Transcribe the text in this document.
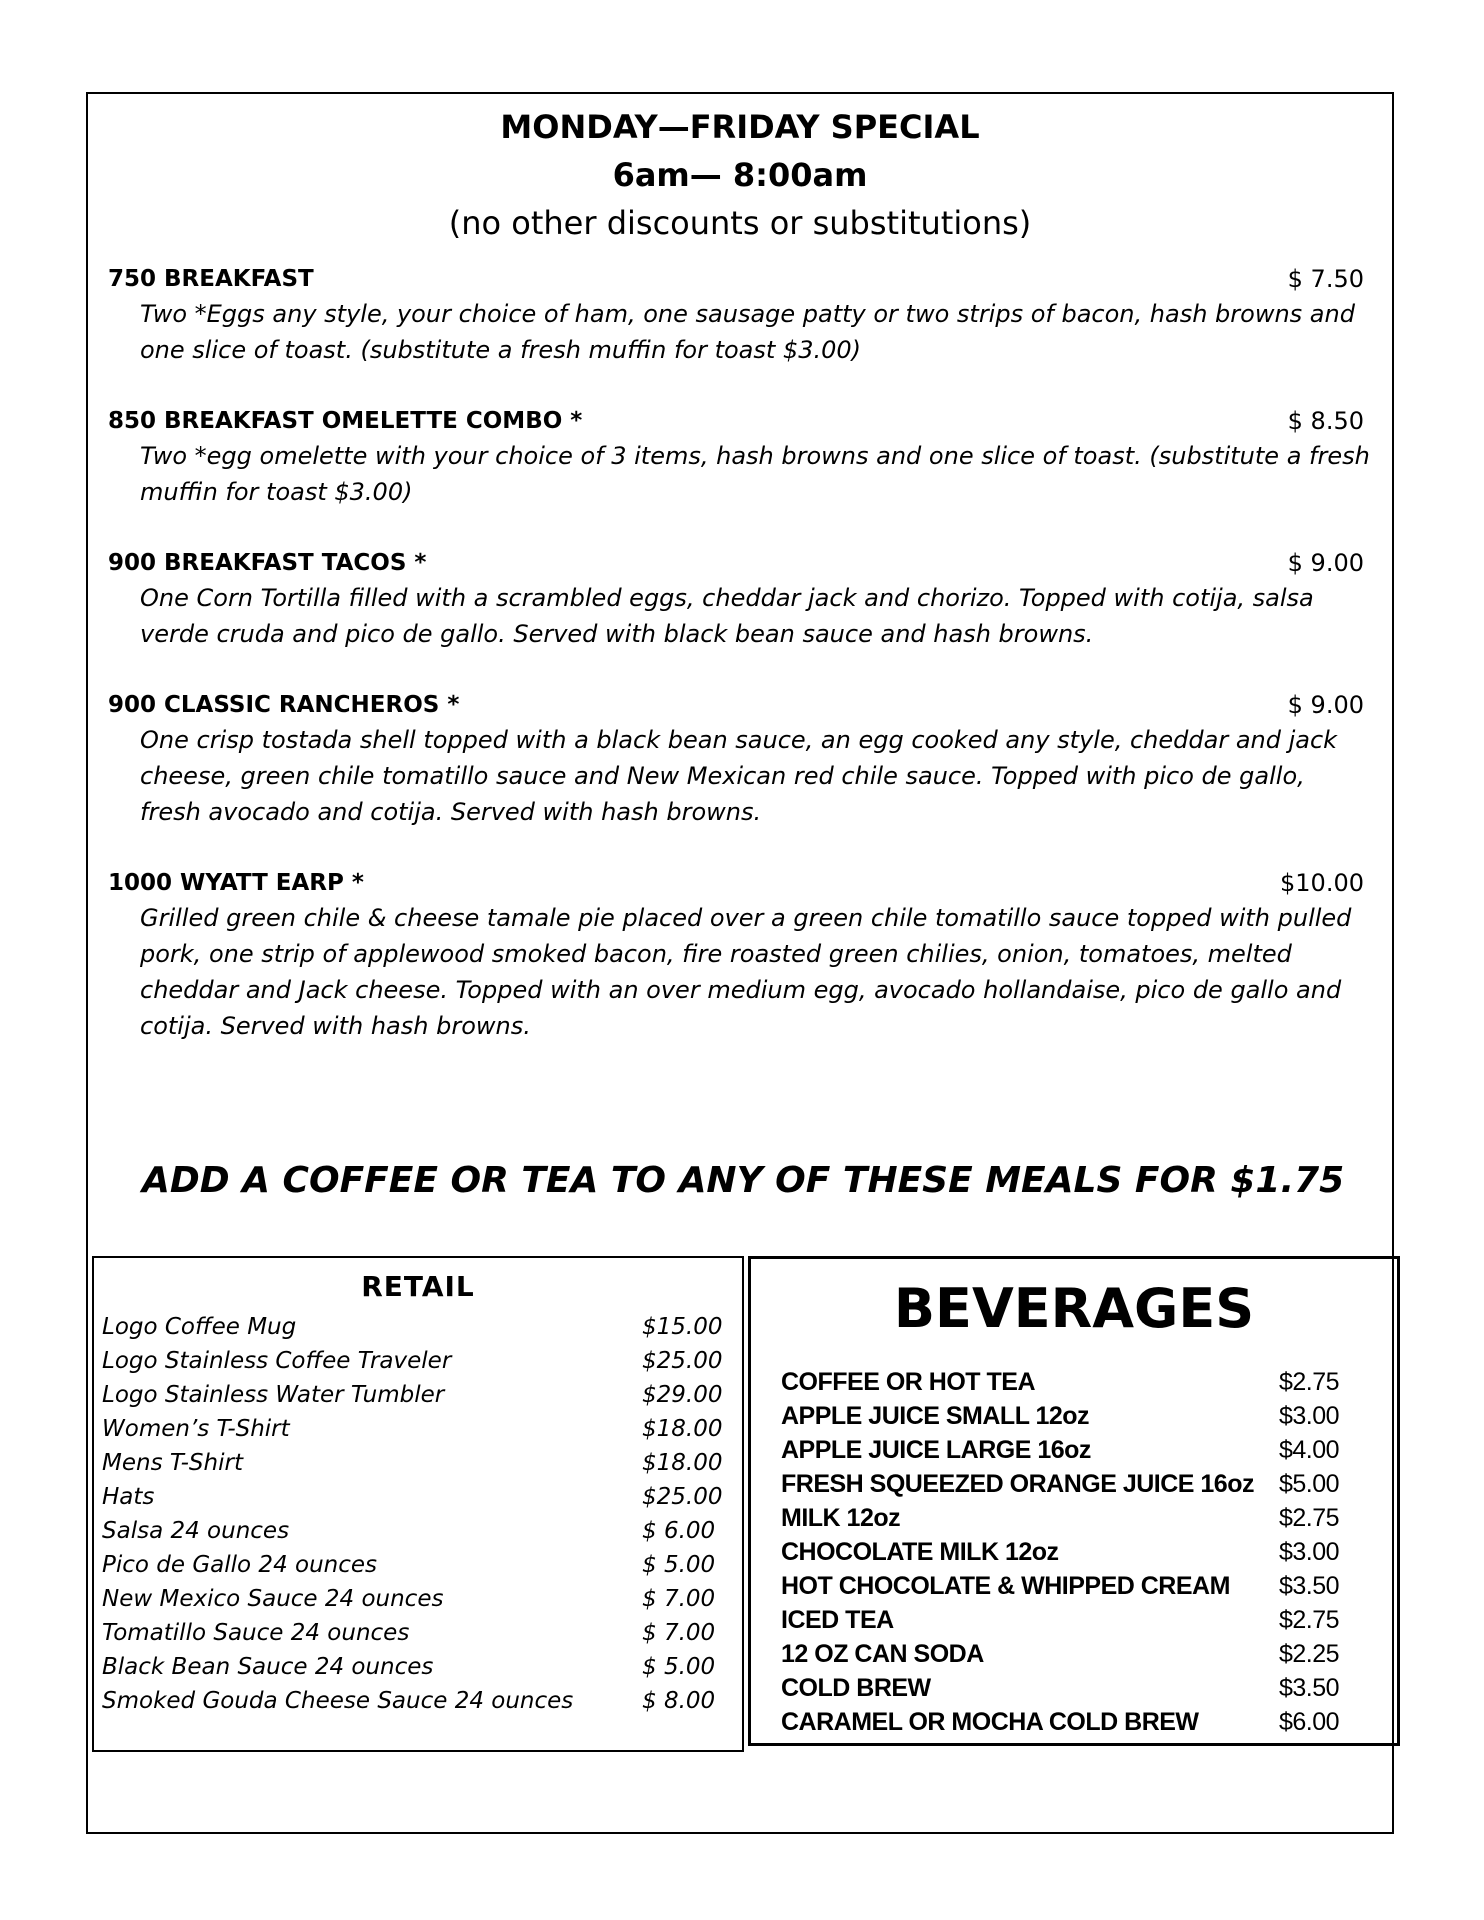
MONDAY—FRIDAY SPECIAL
6am— 8:00am
(no other discounts or substitutions)
750 BREAKFAST	$ 7.50
Two *Eggs any style, your choice of ham, one sausage patty or two strips of bacon, hash browns and one slice of toast. (substitute a fresh muffin for toast $3.00)
850 BREAKFAST OMELETTE COMBO *	$ 8.50
Two *egg omelette with your choice of 3 items, hash browns and one slice of toast. (substitute a fresh muffin for toast $3.00)
900 BREAKFAST TACOS *	$ 9.00
One Corn Tortilla filled with a scrambled eggs, cheddar jack and chorizo. Topped with cotija, salsa verde cruda and pico de gallo. Served with black bean sauce and hash browns.
900 CLASSIC RANCHEROS *	$ 9.00
One crisp tostada shell topped with a black bean sauce, an egg cooked any style, cheddar and jack cheese, green chile tomatillo sauce and New Mexican red chile sauce. Topped with pico de gallo, fresh avocado and cotija. Served with hash browns.
1000 WYATT EARP *	$10.00
Grilled green chile & cheese tamale pie placed over a green chile tomatillo sauce topped with pulled pork, one strip of applewood smoked bacon, fire roasted green chilies, onion, tomatoes, melted cheddar and Jack cheese. Topped with an over medium egg, avocado hollandaise, pico de gallo and cotija. Served with hash browns.
ADD A COFFEE OR TEA TO ANY OF THESE MEALS FOR $1.75
RETAIL
Logo Coffee Mug	$15.00
Logo Stainless Coffee Traveler	$25.00
Logo Stainless Water Tumbler	$29.00
Women’s T-Shirt	$18.00
Mens T-Shirt	$18.00
Hats	$25.00
Salsa 24 ounces	$ 6.00
Pico de Gallo 24 ounces	$ 5.00
New Mexico Sauce 24 ounces	$ 7.00
Tomatillo Sauce 24 ounces	$ 7.00
Black Bean Sauce 24 ounces	$ 5.00
Smoked Gouda Cheese Sauce 24 ounces	$ 8.00
BEVERAGES
COFFEE OR HOT TEA	$2.75
APPLE JUICE SMALL 12oz	$3.00
APPLE JUICE LARGE 16oz	$4.00
FRESH SQUEEZED ORANGE JUICE 16oz $5.00
MILK 12oz	$2.75
CHOCOLATE MILK 12oz	$3.00
HOT CHOCOLATE & WHIPPED CREAM $3.50
ICED TEA	$2.75
12 OZ CAN SODA	$2.25
COLD BREW	$3.50
CARAMEL OR MOCHA COLD BREW	$6.00
